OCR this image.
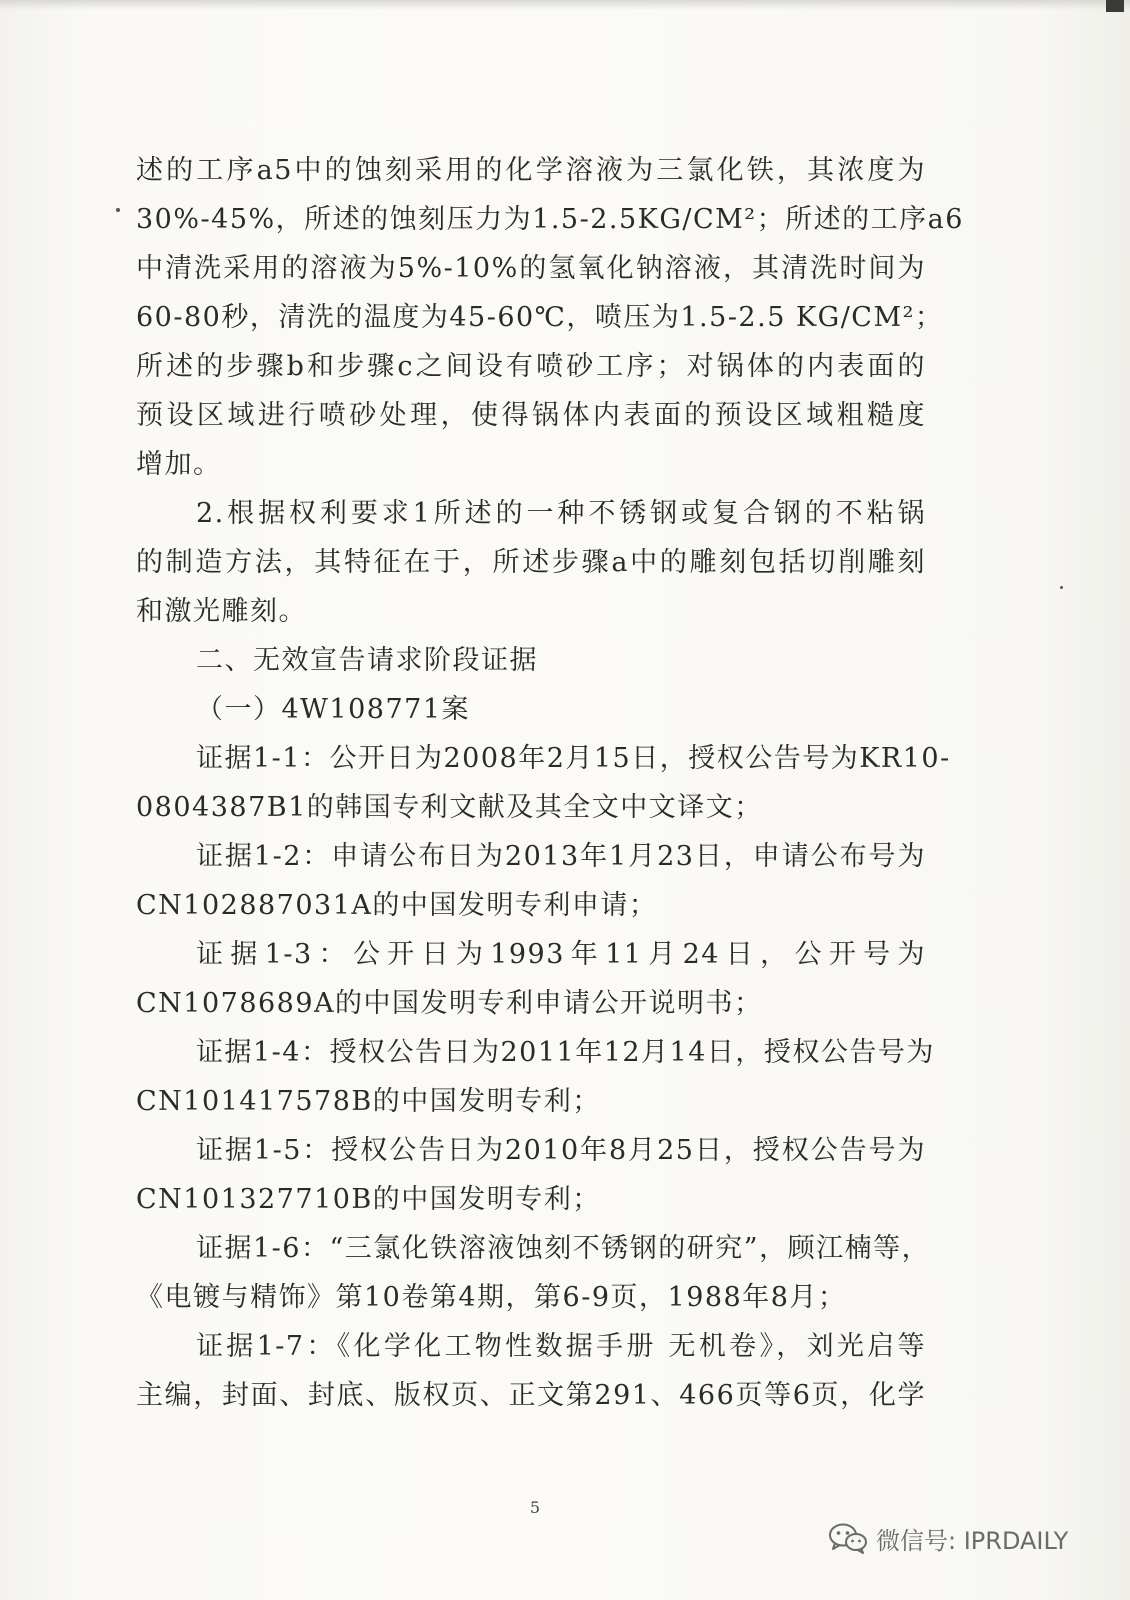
述的工序a5中的蚀刻采用的化学溶液为三氯化铁，其浓度为
30%-45%，所述的蚀刻压力为1.5-2.5KG/CM²；所述的工序a6
中清洗采用的溶液为5%-10%的氢氧化钠溶液，其清洗时间为
60-80秒，清洗的温度为45-60℃，喷压为1.5-2.5 KG/CM²；
所述的步骤b和步骤c之间设有喷砂工序；对锅体的内表面的
预设区域进行喷砂处理，使得锅体内表面的预设区域粗糙度
增加。
2.根据权利要求1所述的一种不锈钢或复合钢的不粘锅
的制造方法，其特征在于，所述步骤a中的雕刻包括切削雕刻
和激光雕刻。
二、无效宣告请求阶段证据
（一）4W108771案
证据1-1：公开日为2008年2月15日，授权公告号为KR10-
0804387B1的韩国专利文献及其全文中文译文；
证据1-2：申请公布日为2013年1月23日，申请公布号为
CN102887031A的中国发明专利申请；
证据1-3：公开日为1993年11月24日，公开号为
CN1078689A的中国发明专利申请公开说明书；
证据1-4：授权公告日为2011年12月14日，授权公告号为
CN101417578B的中国发明专利；
证据1-5：授权公告日为2010年8月25日，授权公告号为
CN101327710B的中国发明专利；
证据1-6：“三氯化铁溶液蚀刻不锈钢的研究”，顾江楠等，
《电镀与精饰》第10卷第4期，第6-9页，1988年8月；
证据1-7：《化学化工物性数据手册 无机卷》，刘光启等
主编，封面、封底、版权页、正文第291、466页等6页，化学
5
微信号: IPRDAILY
